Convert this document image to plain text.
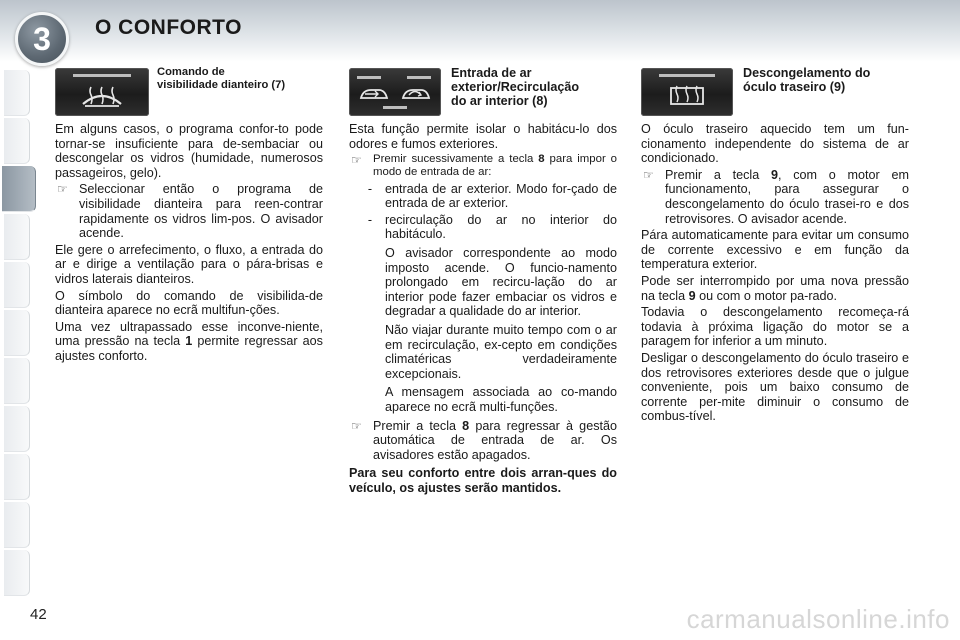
3	O CONFORTO
Comando de
visibilidade dianteiro (7)

Em alguns casos, o programa confor-to pode tornar-se insuficiente para de-sembaciar ou descongelar os vidros (humidade, numerosos passageiros, gelo).

☞ Seleccionar então o programa de visibilidade dianteira para reen-contrar rapidamente os vidros lim-pos. O avisador acende.

Ele gere o arrefecimento, o fluxo, a entrada do ar e dirige a ventilação para o pára-brisas e vidros laterais dianteiros.

O símbolo do comando de visibilida-de dianteira aparece no ecrã multifun-ções.

Uma vez ultrapassado esse inconve-niente, uma pressão na tecla 1 permite regressar aos ajustes conforto.

Entrada de ar
exterior/Recirculação
do ar interior (8)

Esta função permite isolar o habitácu-lo dos odores e fumos exteriores.

☞ Premir sucessivamente a tecla 8 para impor o modo de entrada de ar:
-	entrada de ar exterior. Modo for-çado de entrada de ar exterior.
-	recirculação do ar no interior do habitáculo.

O avisador correspondente ao modo imposto acende. O funcio-namento prolongado em recircu-lação do ar interior pode fazer embaciar os vidros e degradar a qualidade do ar interior.

Não viajar durante muito tempo com o ar em recirculação, ex-cepto em condições climatéricas verdadeiramente excepcionais.

A mensagem associada ao co-mando aparece no ecrã multi-funções.

☞ Premir a tecla 8 para regressar à gestão automática de entrada de ar. Os avisadores estão apagados.

Para seu conforto entre dois arran-ques do veículo, os ajustes serão mantidos.

Descongelamento do
óculo traseiro (9)

O óculo traseiro aquecido tem um fun-cionamento independente do sistema de ar condicionado.

☞ Premir a tecla 9, com o motor em funcionamento, para assegurar o descongelamento do óculo trasei-ro e dos retrovisores. O avisador acende.

Pára automaticamente para evitar um consumo de corrente excessivo e em função da temperatura exterior.

Pode ser interrompido por uma nova pressão na tecla 9 ou com o motor pa-rado.

Todavia o descongelamento recomeça-rá todavia à próxima ligação do motor se a paragem for inferior a um minuto.

Desligar o descongelamento do óculo traseiro e dos retrovisores exteriores desde que o julgue conveniente, pois um baixo consumo de corrente per-mite diminuir o consumo de combus-tível.

42	carmanualsonline.info
